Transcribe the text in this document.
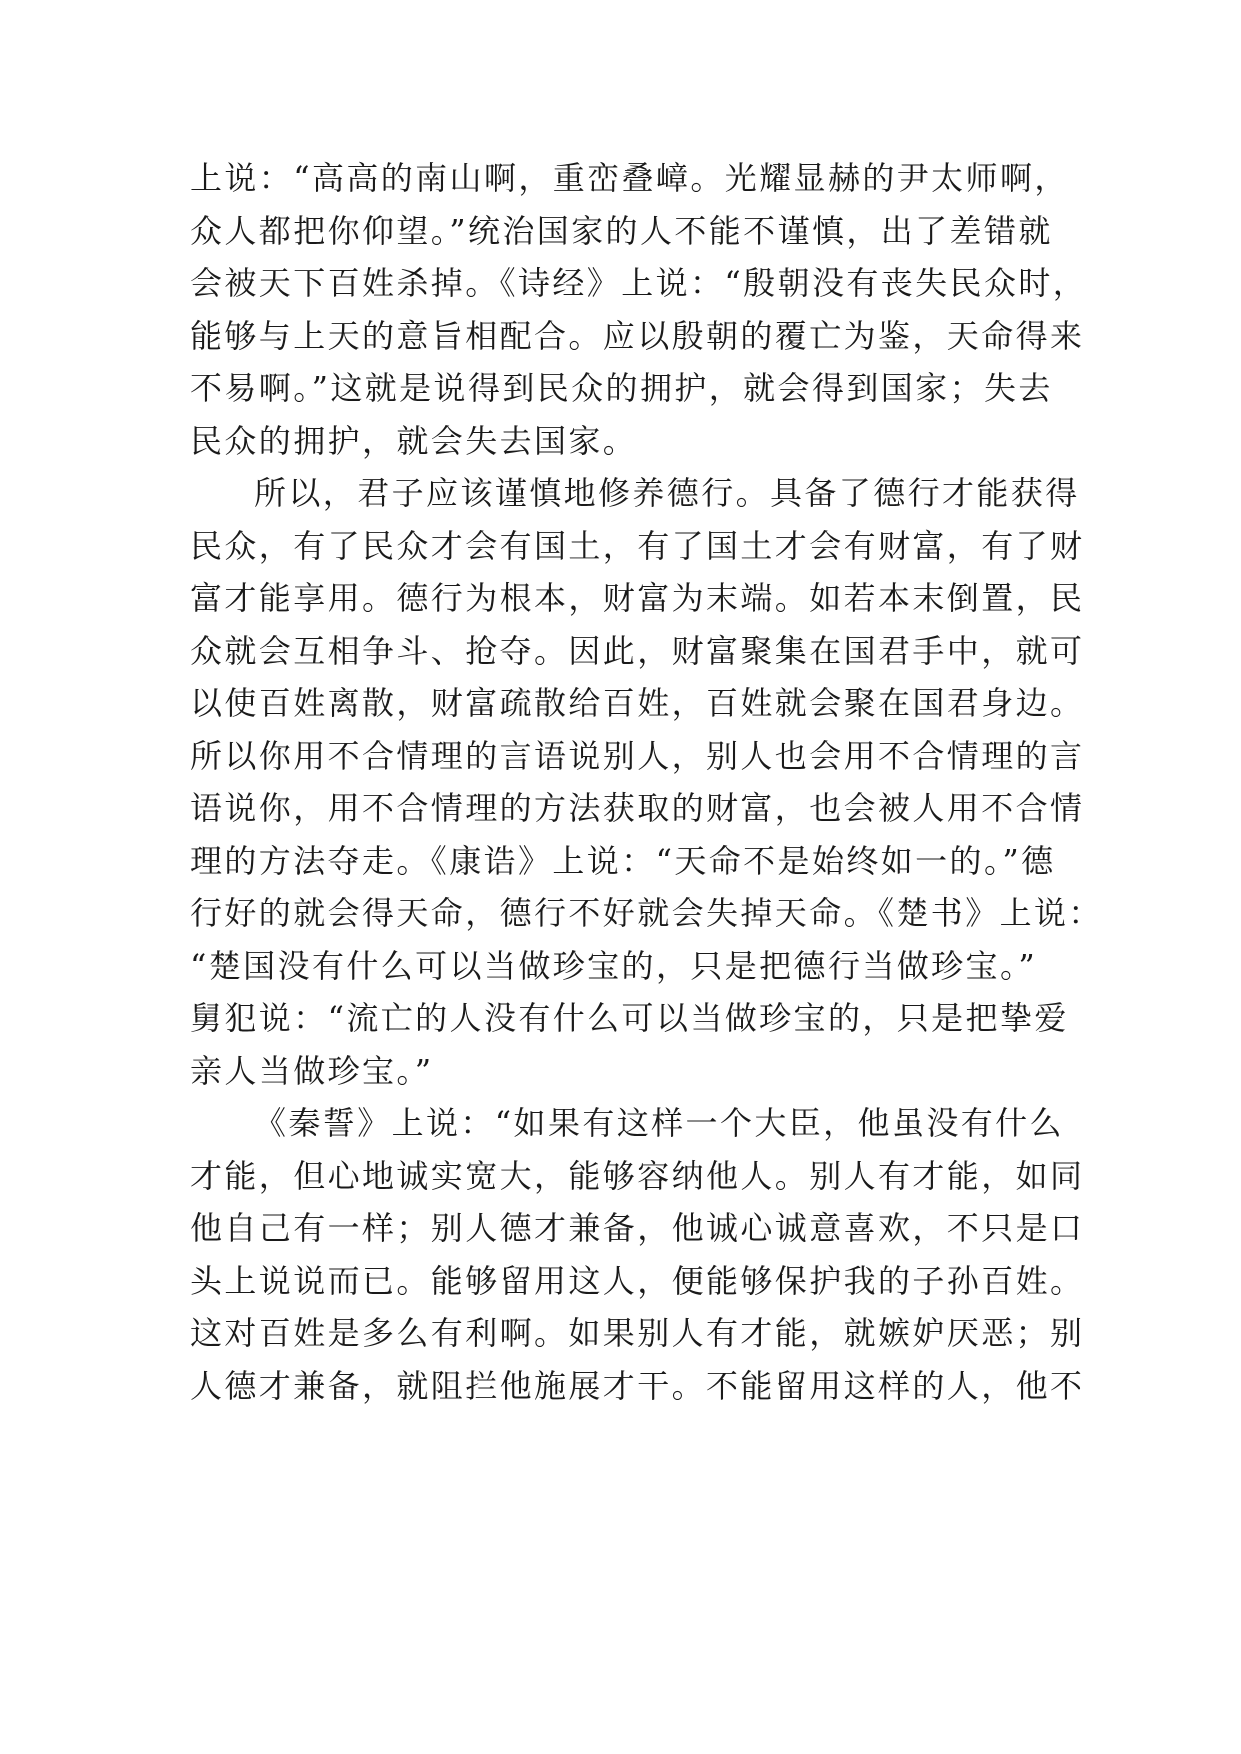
上说：“高高的南山啊，重峦叠嶂。光耀显赫的尹太师啊，
众人都把你仰望。”统治国家的人不能不谨慎，出了差错就
会被天下百姓杀掉。《诗经》上说：“殷朝没有丧失民众时，
能够与上天的意旨相配合。应以殷朝的覆亡为鉴，天命得来
不易啊。”这就是说得到民众的拥护，就会得到国家；失去
民众的拥护，就会失去国家。
所以，君子应该谨慎地修养德行。具备了德行才能获得
民众，有了民众才会有国土，有了国土才会有财富，有了财
富才能享用。德行为根本，财富为末端。如若本末倒置，民
众就会互相争斗、抢夺。因此，财富聚集在国君手中，就可
以使百姓离散，财富疏散给百姓，百姓就会聚在国君身边。
所以你用不合情理的言语说别人，别人也会用不合情理的言
语说你，用不合情理的方法获取的财富，也会被人用不合情
理的方法夺走。《康诰》上说：“天命不是始终如一的。”德
行好的就会得天命，德行不好就会失掉天命。《楚书》上说：
“楚国没有什么可以当做珍宝的，只是把德行当做珍宝。”
舅犯说：“流亡的人没有什么可以当做珍宝的，只是把挚爱
亲人当做珍宝。”
《秦誓》上说：“如果有这样一个大臣，他虽没有什么
才能，但心地诚实宽大，能够容纳他人。别人有才能，如同
他自己有一样；别人德才兼备，他诚心诚意喜欢，不只是口
头上说说而已。能够留用这人，便能够保护我的子孙百姓。
这对百姓是多么有利啊。如果别人有才能，就嫉妒厌恶；别
人德才兼备，就阻拦他施展才干。不能留用这样的人，他不
